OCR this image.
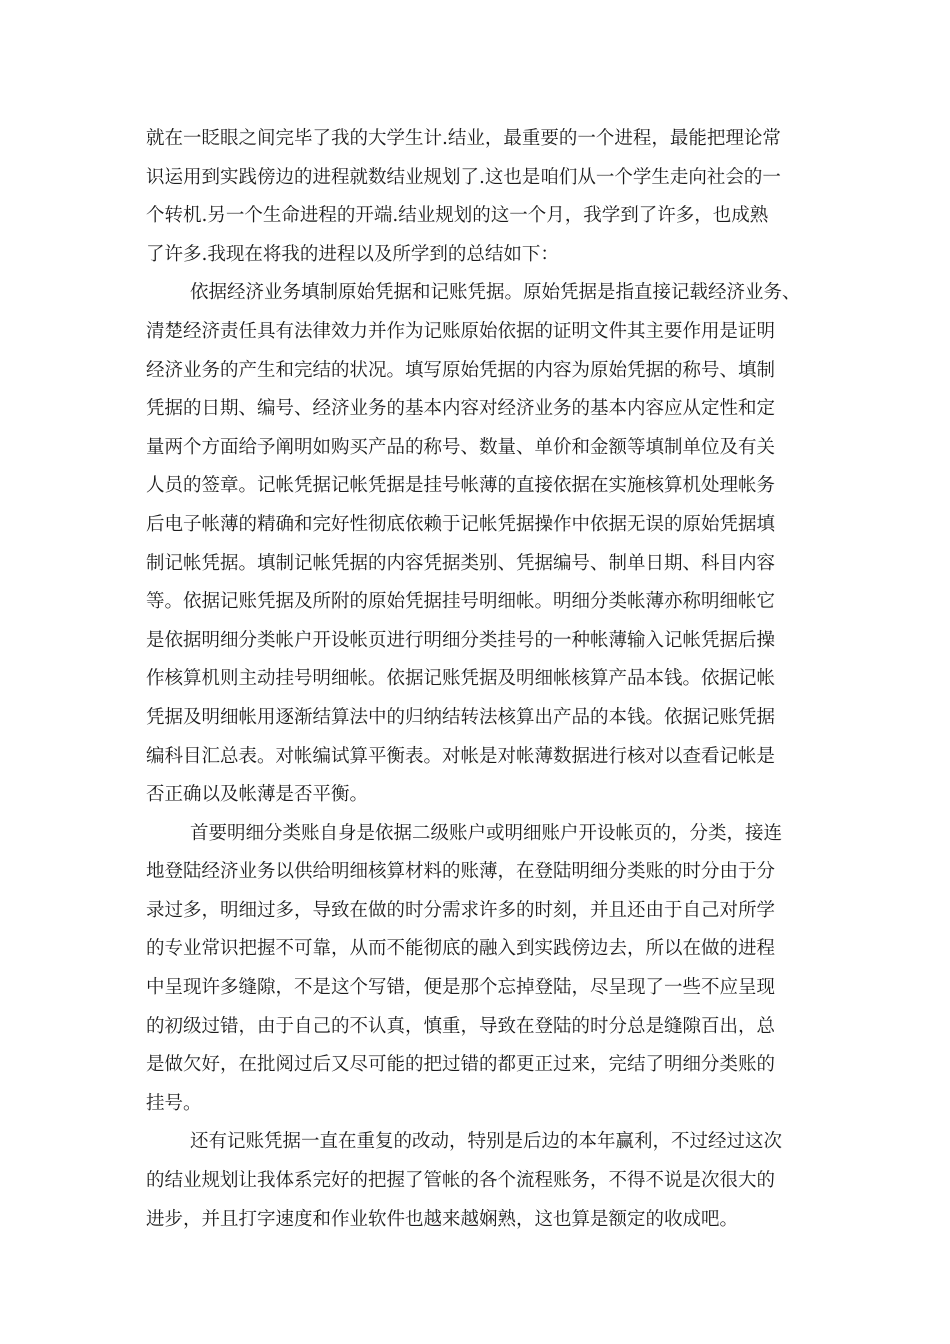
就在一眨眼之间完毕了我的大学生计.结业，最重要的一个进程，最能把理论常
识运用到实践傍边的进程就数结业规划了.这也是咱们从一个学生走向社会的一
个转机.另一个生命进程的开端.结业规划的这一个月，我学到了许多，也成熟
了许多.我现在将我的进程以及所学到的总结如下：
依据经济业务填制原始凭据和记账凭据。原始凭据是指直接记载经济业务、
清楚经济责任具有法律效力并作为记账原始依据的证明文件其主要作用是证明
经济业务的产生和完结的状况。填写原始凭据的内容为原始凭据的称号、填制
凭据的日期、编号、经济业务的基本内容对经济业务的基本内容应从定性和定
量两个方面给予阐明如购买产品的称号、数量、单价和金额等填制单位及有关
人员的签章。记帐凭据记帐凭据是挂号帐薄的直接依据在实施核算机处理帐务
后电子帐薄的精确和完好性彻底依赖于记帐凭据操作中依据无误的原始凭据填
制记帐凭据。填制记帐凭据的内容凭据类别、凭据编号、制单日期、科目内容
等。依据记账凭据及所附的原始凭据挂号明细帐。明细分类帐薄亦称明细帐它
是依据明细分类帐户开设帐页进行明细分类挂号的一种帐薄输入记帐凭据后操
作核算机则主动挂号明细帐。依据记账凭据及明细帐核算产品本钱。依据记帐
凭据及明细帐用逐渐结算法中的归纳结转法核算出产品的本钱。依据记账凭据
编科目汇总表。对帐编试算平衡表。对帐是对帐薄数据进行核对以查看记帐是
否正确以及帐薄是否平衡。
首要明细分类账自身是依据二级账户或明细账户开设帐页的，分类，接连
地登陆经济业务以供给明细核算材料的账薄，在登陆明细分类账的时分由于分
录过多，明细过多，导致在做的时分需求许多的时刻，并且还由于自己对所学
的专业常识把握不可靠，从而不能彻底的融入到实践傍边去，所以在做的进程
中呈现许多缝隙，不是这个写错，便是那个忘掉登陆，尽呈现了一些不应呈现
的初级过错，由于自己的不认真，慎重，导致在登陆的时分总是缝隙百出，总
是做欠好，在批阅过后又尽可能的把过错的都更正过来，完结了明细分类账的
挂号。
还有记账凭据一直在重复的改动，特别是后边的本年赢利，不过经过这次
的结业规划让我体系完好的把握了管帐的各个流程账务，不得不说是次很大的
进步，并且打字速度和作业软件也越来越娴熟，这也算是额定的收成吧。
